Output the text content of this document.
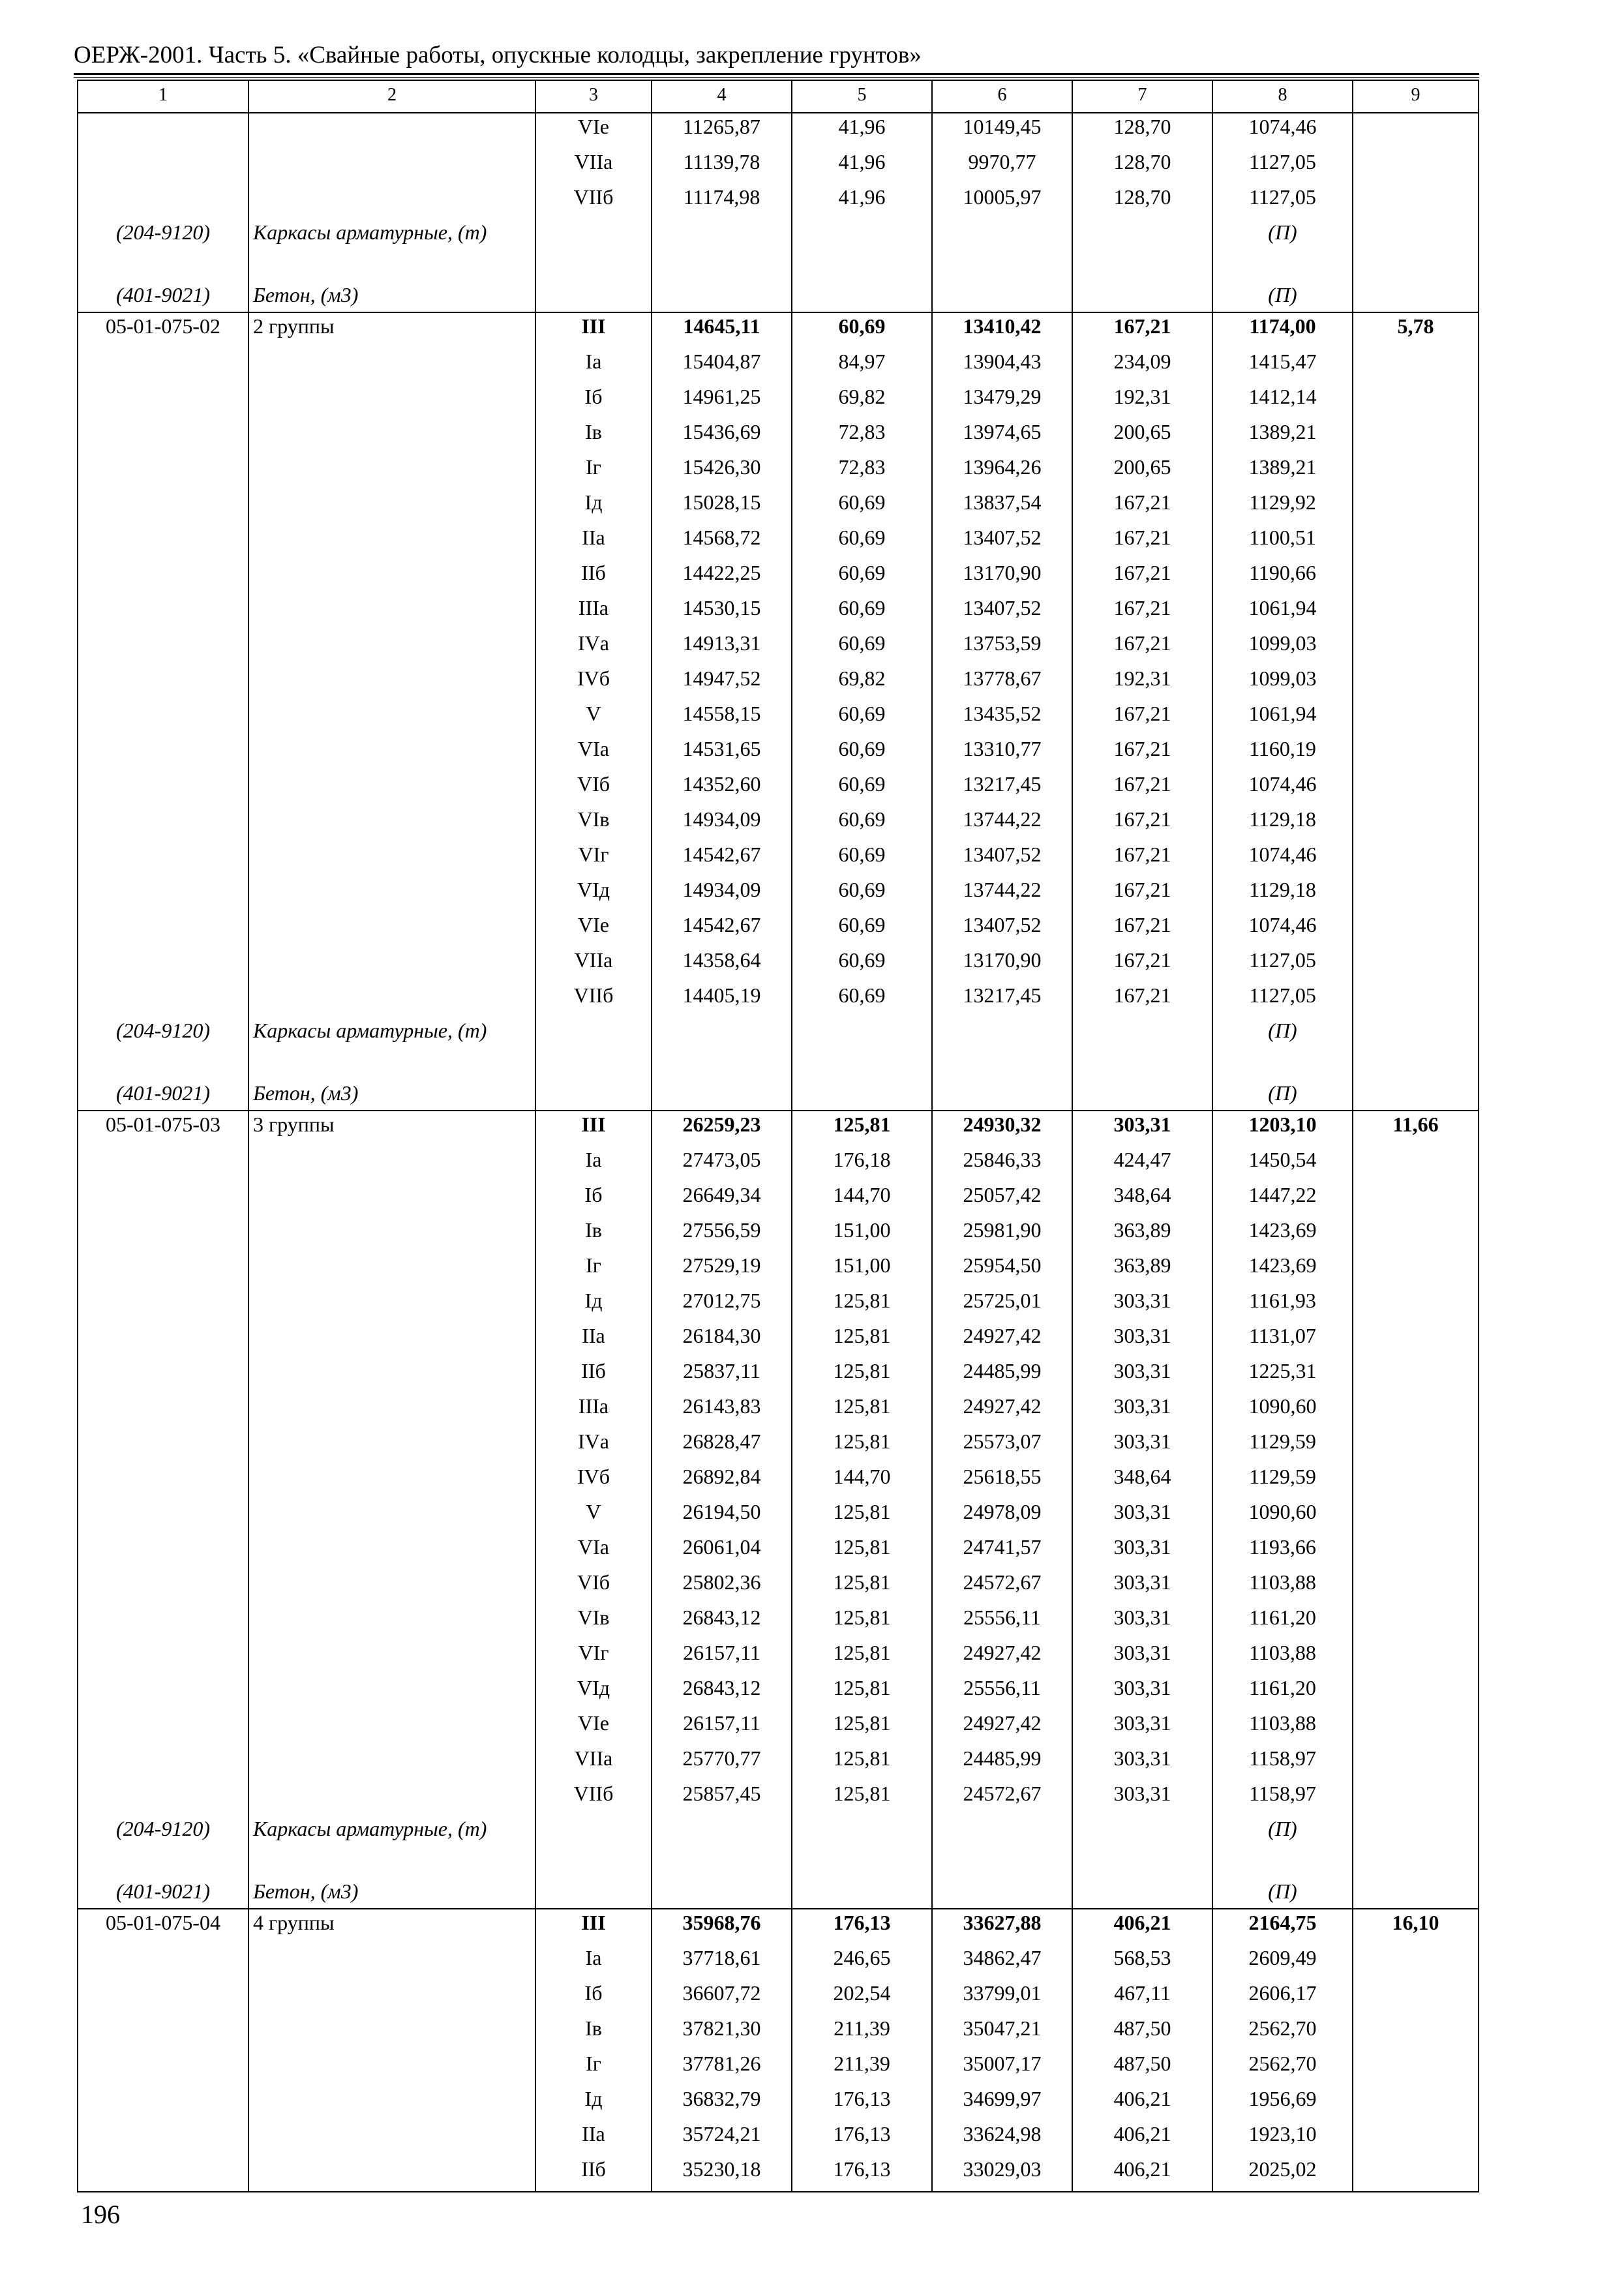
ОЕРЖ-2001. Часть 5. «Свайные работы, опускные колодцы, закрепление грунтов»
1	2	3	4	5	6	7	8	9
		VIе	11265,87	41,96	10149,45	128,70	1074,46	
		VIIа	11139,78	41,96	9970,77	128,70	1127,05	
		VIIб	11174,98	41,96	10005,97	128,70	1127,05	
(204-9120)	Каркасы арматурные, (т)						(П)	
(401-9021)	Бетон, (м3)						(П)	
05-01-075-02	2 группы	III	14645,11	60,69	13410,42	167,21	1174,00	5,78
		Iа	15404,87	84,97	13904,43	234,09	1415,47	
		Iб	14961,25	69,82	13479,29	192,31	1412,14	
		Iв	15436,69	72,83	13974,65	200,65	1389,21	
		Iг	15426,30	72,83	13964,26	200,65	1389,21	
		Iд	15028,15	60,69	13837,54	167,21	1129,92	
		IIа	14568,72	60,69	13407,52	167,21	1100,51	
		IIб	14422,25	60,69	13170,90	167,21	1190,66	
		IIIа	14530,15	60,69	13407,52	167,21	1061,94	
		IVа	14913,31	60,69	13753,59	167,21	1099,03	
		IVб	14947,52	69,82	13778,67	192,31	1099,03	
		V	14558,15	60,69	13435,52	167,21	1061,94	
		VIа	14531,65	60,69	13310,77	167,21	1160,19	
		VIб	14352,60	60,69	13217,45	167,21	1074,46	
		VIв	14934,09	60,69	13744,22	167,21	1129,18	
		VIг	14542,67	60,69	13407,52	167,21	1074,46	
		VIд	14934,09	60,69	13744,22	167,21	1129,18	
		VIе	14542,67	60,69	13407,52	167,21	1074,46	
		VIIа	14358,64	60,69	13170,90	167,21	1127,05	
		VIIб	14405,19	60,69	13217,45	167,21	1127,05	
(204-9120)	Каркасы арматурные, (т)						(П)	
(401-9021)	Бетон, (м3)						(П)	
05-01-075-03	3 группы	III	26259,23	125,81	24930,32	303,31	1203,10	11,66
		Iа	27473,05	176,18	25846,33	424,47	1450,54	
		Iб	26649,34	144,70	25057,42	348,64	1447,22	
		Iв	27556,59	151,00	25981,90	363,89	1423,69	
		Iг	27529,19	151,00	25954,50	363,89	1423,69	
		Iд	27012,75	125,81	25725,01	303,31	1161,93	
		IIа	26184,30	125,81	24927,42	303,31	1131,07	
		IIб	25837,11	125,81	24485,99	303,31	1225,31	
		IIIа	26143,83	125,81	24927,42	303,31	1090,60	
		IVа	26828,47	125,81	25573,07	303,31	1129,59	
		IVб	26892,84	144,70	25618,55	348,64	1129,59	
		V	26194,50	125,81	24978,09	303,31	1090,60	
		VIа	26061,04	125,81	24741,57	303,31	1193,66	
		VIб	25802,36	125,81	24572,67	303,31	1103,88	
		VIв	26843,12	125,81	25556,11	303,31	1161,20	
		VIг	26157,11	125,81	24927,42	303,31	1103,88	
		VIд	26843,12	125,81	25556,11	303,31	1161,20	
		VIе	26157,11	125,81	24927,42	303,31	1103,88	
		VIIа	25770,77	125,81	24485,99	303,31	1158,97	
		VIIб	25857,45	125,81	24572,67	303,31	1158,97	
(204-9120)	Каркасы арматурные, (т)						(П)	
(401-9021)	Бетон, (м3)						(П)	
05-01-075-04	4 группы	III	35968,76	176,13	33627,88	406,21	2164,75	16,10
		Iа	37718,61	246,65	34862,47	568,53	2609,49	
		Iб	36607,72	202,54	33799,01	467,11	2606,17	
		Iв	37821,30	211,39	35047,21	487,50	2562,70	
		Iг	37781,26	211,39	35007,17	487,50	2562,70	
		Iд	36832,79	176,13	34699,97	406,21	1956,69	
		IIа	35724,21	176,13	33624,98	406,21	1923,10	
		IIб	35230,18	176,13	33029,03	406,21	2025,02	
196
